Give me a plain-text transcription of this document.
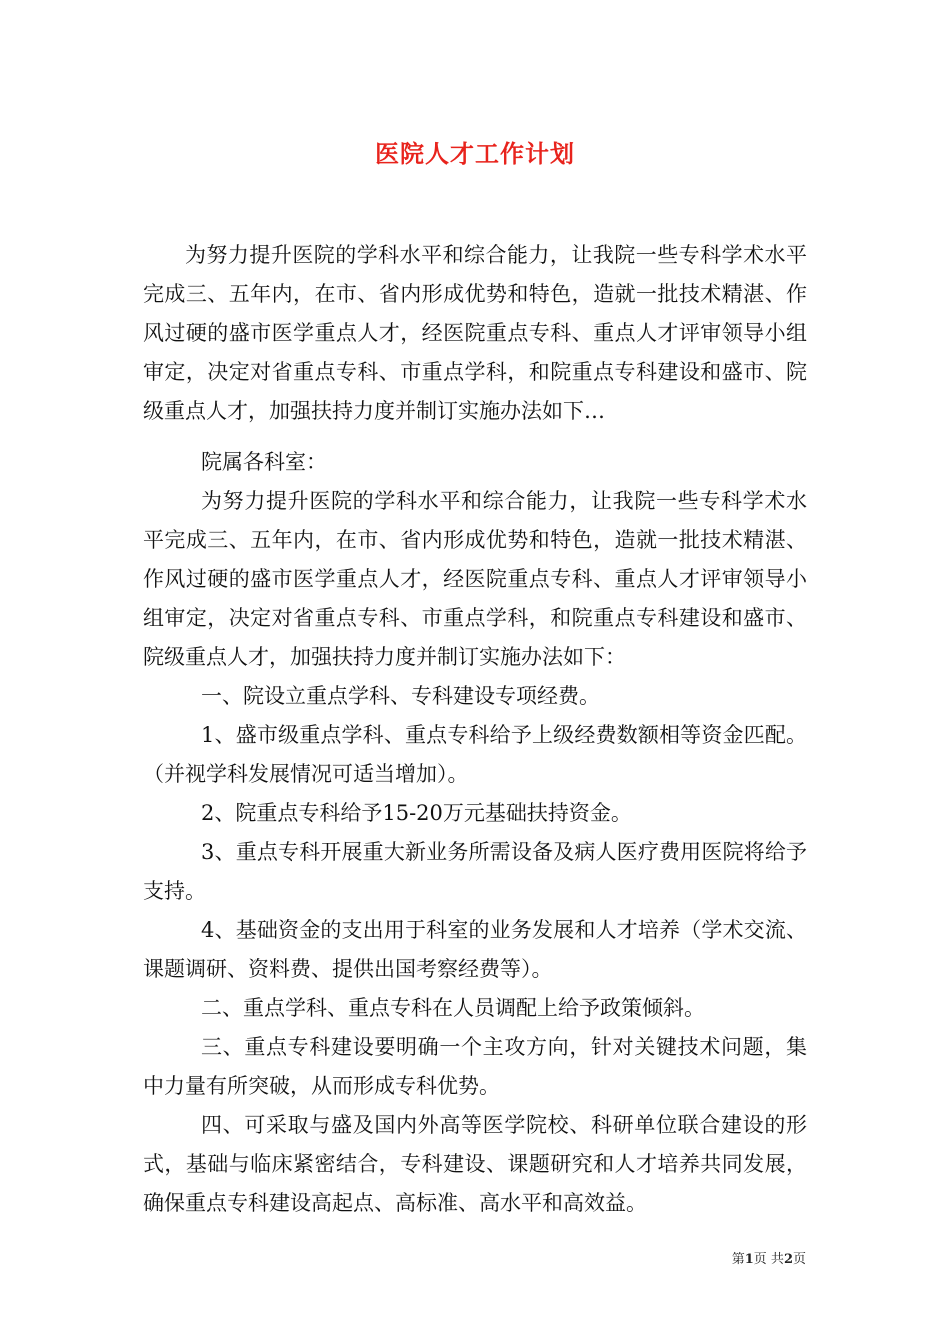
医院人才工作计划

为努力提升医院的学科水平和综合能力，让我院一些专科学术水平完成三、五年内，在市、省内形成优势和特色，造就一批技术精湛、作风过硬的盛市医学重点人才，经医院重点专科、重点人才评审领导小组审定，决定对省重点专科、市重点学科，和院重点专科建设和盛市、院级重点人才，加强扶持力度并制订实施办法如下…

院属各科室：

为努力提升医院的学科水平和综合能力，让我院一些专科学术水平完成三、五年内，在市、省内形成优势和特色，造就一批技术精湛、作风过硬的盛市医学重点人才，经医院重点专科、重点人才评审领导小组审定，决定对省重点专科、市重点学科，和院重点专科建设和盛市、院级重点人才，加强扶持力度并制订实施办法如下：

一、院设立重点学科、专科建设专项经费。

1、盛市级重点学科、重点专科给予上级经费数额相等资金匹配。（并视学科发展情况可适当增加）。

2、院重点专科给予15-20万元基础扶持资金。

3、重点专科开展重大新业务所需设备及病人医疗费用医院将给予支持。

4、基础资金的支出用于科室的业务发展和人才培养（学术交流、课题调研、资料费、提供出国考察经费等）。

二、重点学科、重点专科在人员调配上给予政策倾斜。

三、重点专科建设要明确一个主攻方向，针对关键技术问题，集中力量有所突破，从而形成专科优势。

四、可采取与盛及国内外高等医学院校、科研单位联合建设的形式，基础与临床紧密结合，专科建设、课题研究和人才培养共同发展，确保重点专科建设高起点、高标准、高水平和高效益。

第1页 共2页
